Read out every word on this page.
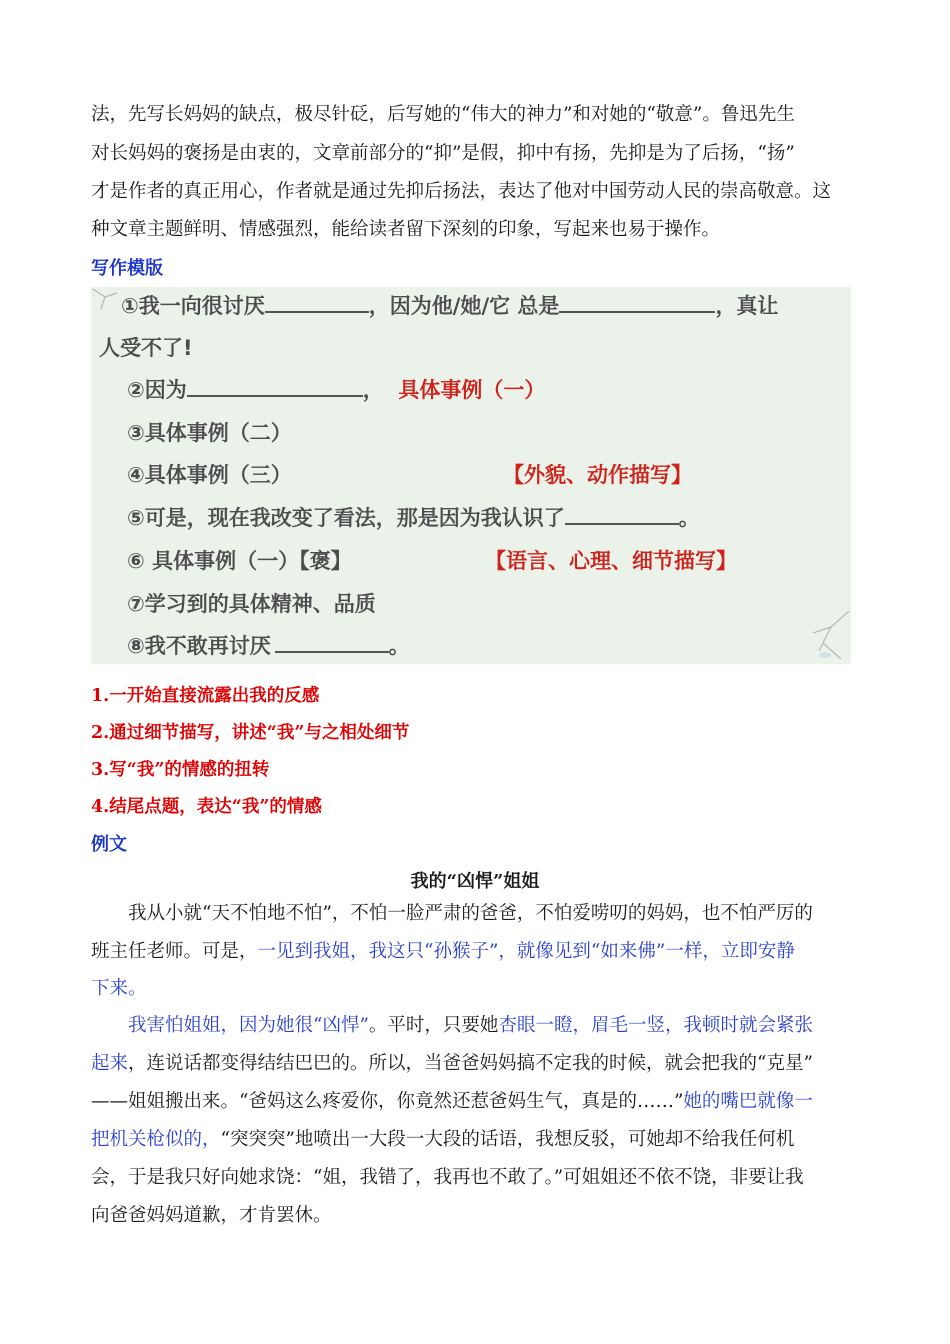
法，先写长妈妈的缺点，极尽针砭，后写她的“伟大的神力”和对她的“敬意”。鲁迅先生

对长妈妈的褒扬是由衷的，文章前部分的“抑”是假，抑中有扬，先抑是为了后扬，“扬”

才是作者的真正用心，作者就是通过先抑后扬法，表达了他对中国劳动人民的崇高敬意。这

种文章主题鲜明、情感强烈，能给读者留下深刻的印象，写起来也易于操作。

写作模版

①我一向很讨厌	，因为他/她/它 总是	，真让
人受不了!
②因为	， 具体事例（一）
③具体事例（二）
④具体事例（三）	【外貌、动作描写】
⑤可是，现在我改变了看法，那是因为我认识了	。
⑥ 具体事例（一）【褒】	【语言、心理、细节描写】
⑦学习到的具体精神、品质
⑧我不敢再讨厌	。

1.一开始直接流露出我的反感

2.通过细节描写，讲述“我”与之相处细节

3.写“我”的情感的扭转

4.结尾点题，表达“我”的情感

例文

我的“凶悍”姐姐

我从小就“天不怕地不怕”，不怕一脸严肃的爸爸，不怕爱唠叨的妈妈，也不怕严厉的

班主任老师。可是，一见到我姐，我这只“孙猴子”，就像见到“如来佛”一样，立即安静

下来。

我害怕姐姐，因为她很“凶悍”。平时，只要她杏眼一瞪，眉毛一竖，我顿时就会紧张

起来，连说话都变得结结巴巴的。所以，当爸爸妈妈搞不定我的时候，就会把我的“克星”

——姐姐搬出来。“爸妈这么疼爱你，你竟然还惹爸妈生气，真是的……”她的嘴巴就像一

把机关枪似的，“突突突”地喷出一大段一大段的话语，我想反驳，可她却不给我任何机

会，于是我只好向她求饶：“姐，我错了，我再也不敢了。”可姐姐还不依不饶，非要让我

向爸爸妈妈道歉，才肯罢休。
